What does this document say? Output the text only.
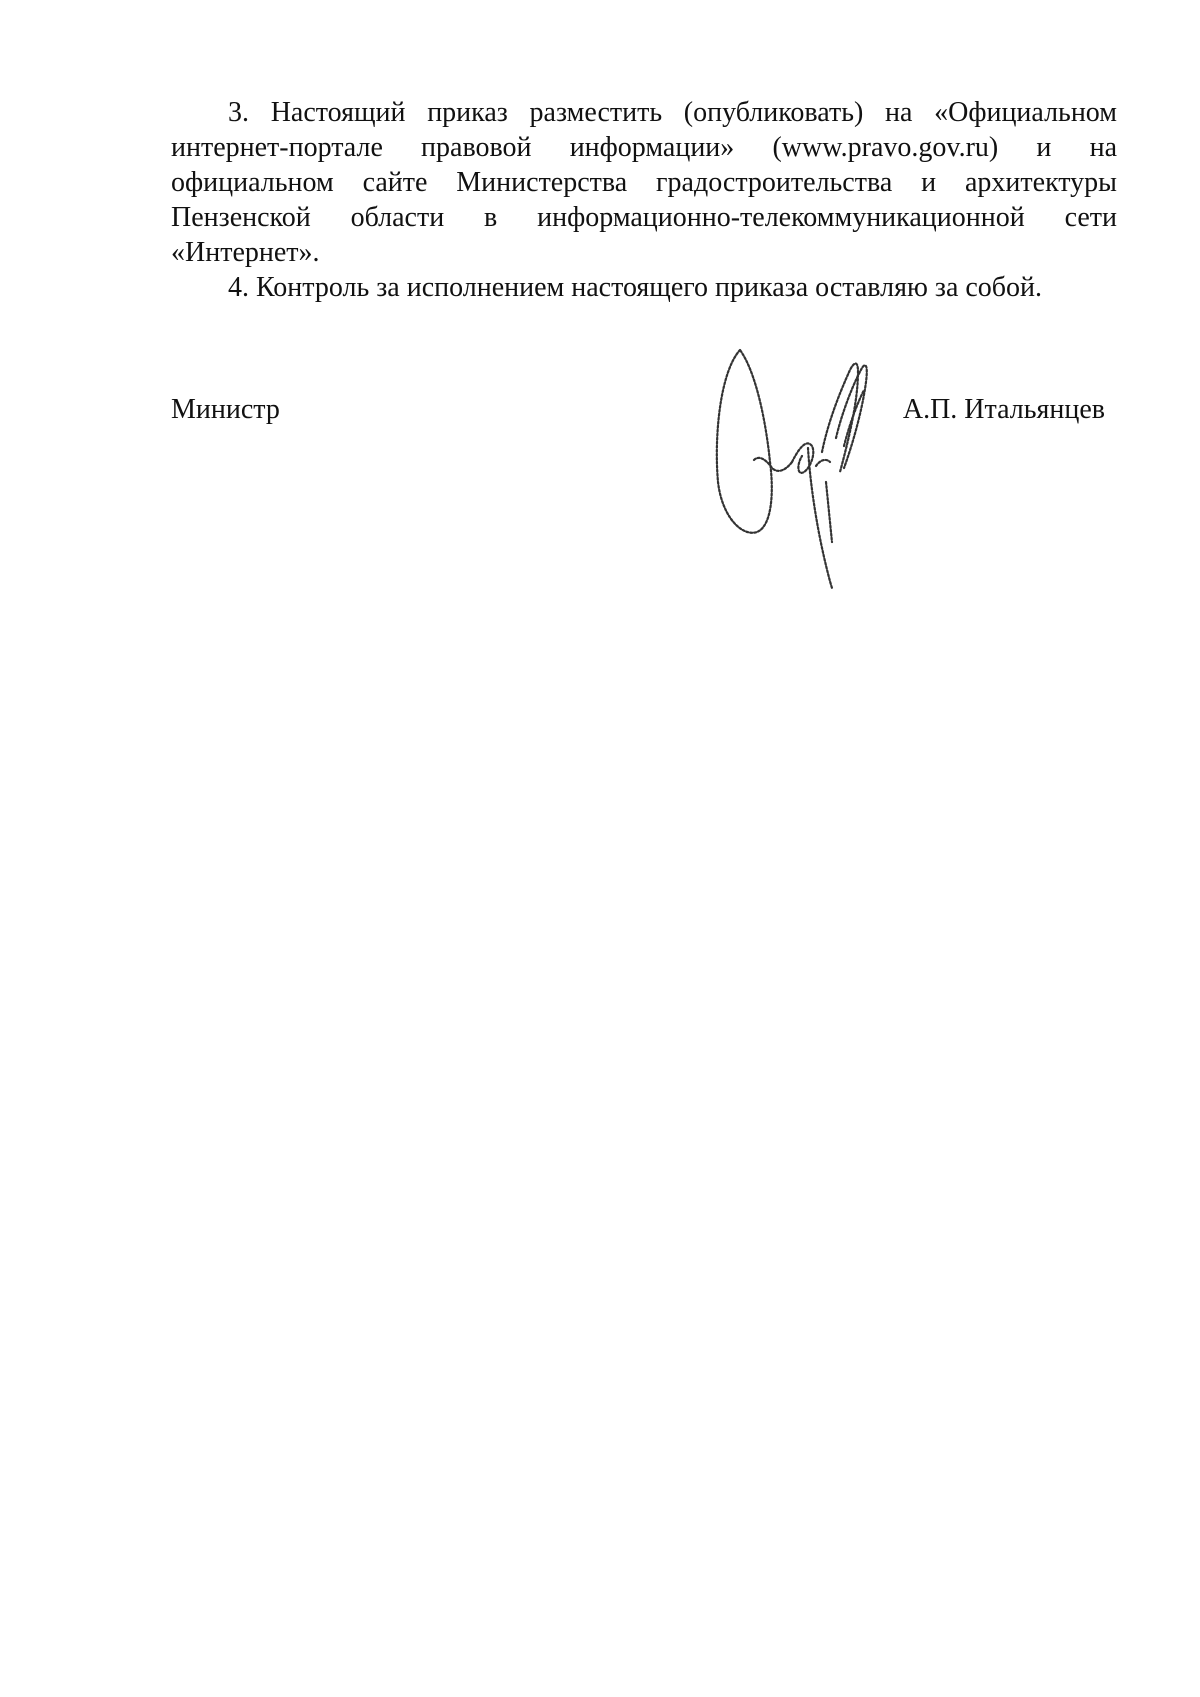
3. Настоящий приказ разместить (опубликовать) на «Официальном интернет-портале правовой информации» (www.pravo.gov.ru) и на официальном сайте Министерства градостроительства и архитектуры Пензенской области в информационно-телекоммуникационной сети «Интернет».

4. Контроль за исполнением настоящего приказа оставляю за собой.

Министр	А.П. Итальянцев
